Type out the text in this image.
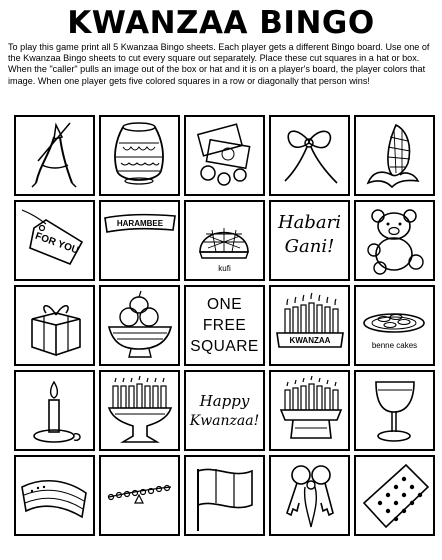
KWANZAA BINGO
To play this game print all 5 Kwanzaa Bingo sheets. Each player gets a different Bingo board. Use one of the Kwanzaa Bingo sheets to cut every square out separately. Place these cut squares in a hat or box. When the "caller" pulls an image out of the box or hat and it is on a player's board, the player colors that image. When one player gets five colored squares in a row or diagonally that person wins!
FOR YOU
HARAMBEE
kufi
Habari
Gani!
ONE
FREE
SQUARE	KWANZAA
benne cakes
Happy
Kwanzaa!
